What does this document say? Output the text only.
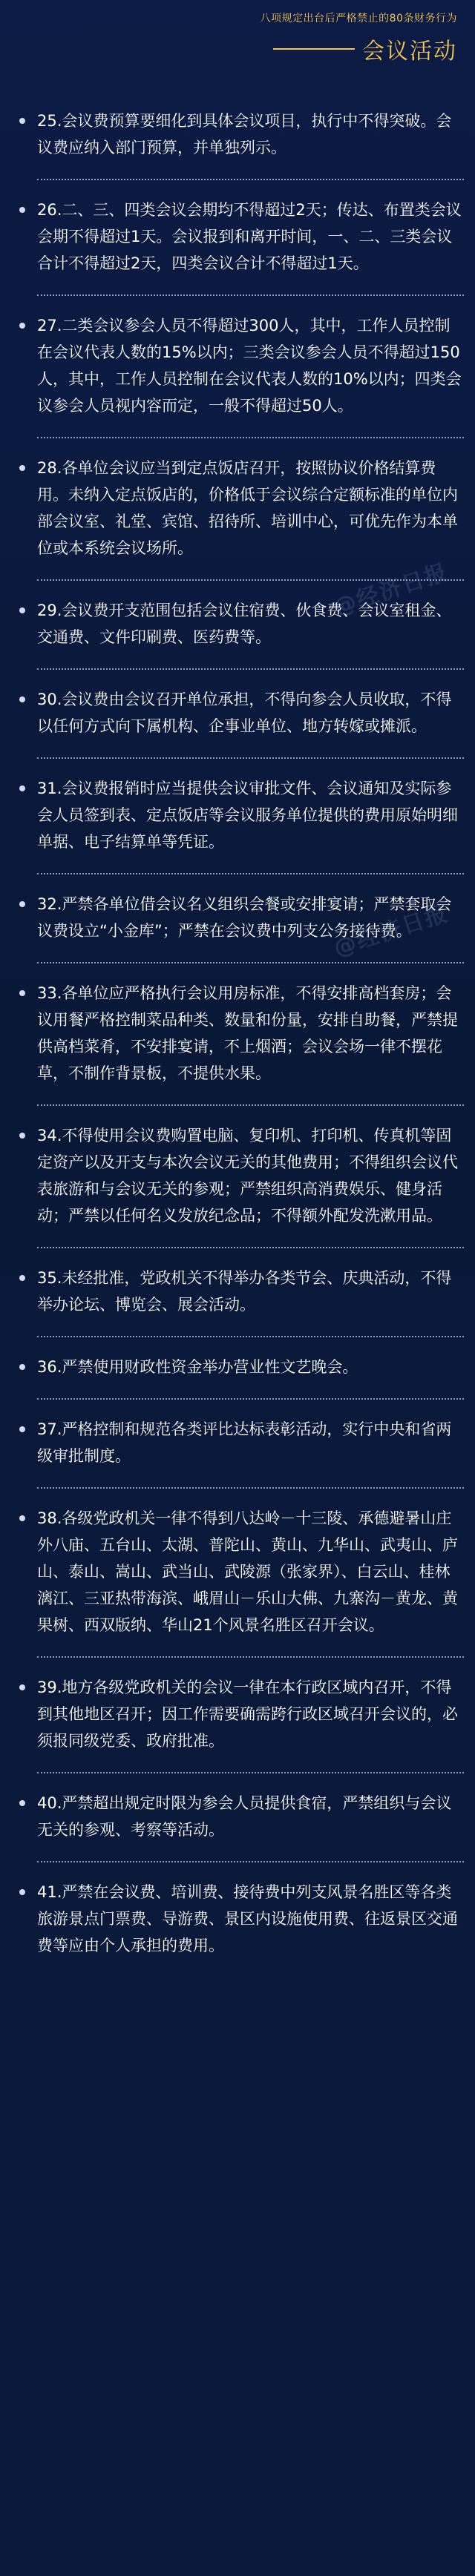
八项规定出台后严格禁止的80条财务行为
会议活动
@经济日报
@经济日报
25.会议费预算要细化到具体会议项目，执行中不得突破。会议费应纳入部门预算，并单独列示。
26.二、三、四类会议会期均不得超过2天；传达、布置类会议会期不得超过1天。会议报到和离开时间，一、二、三类会议合计不得超过2天，四类会议合计不得超过1天。
27.二类会议参会人员不得超过300人，其中，工作人员控制在会议代表人数的15%以内；三类会议参会人员不得超过150人，其中，工作人员控制在会议代表人数的10%以内；四类会议参会人员视内容而定，一般不得超过50人。
28.各单位会议应当到定点饭店召开，按照协议价格结算费用。未纳入定点饭店的，价格低于会议综合定额标准的单位内部会议室、礼堂、宾馆、招待所、培训中心，可优先作为本单位或本系统会议场所。
29.会议费开支范围包括会议住宿费、伙食费、会议室租金、交通费、文件印刷费、医药费等。
30.会议费由会议召开单位承担，不得向参会人员收取，不得以任何方式向下属机构、企事业单位、地方转嫁或摊派。
31.会议费报销时应当提供会议审批文件、会议通知及实际参会人员签到表、定点饭店等会议服务单位提供的费用原始明细单据、电子结算单等凭证。
32.严禁各单位借会议名义组织会餐或安排宴请；严禁套取会议费设立“小金库”；严禁在会议费中列支公务接待费。
33.各单位应严格执行会议用房标准，不得安排高档套房；会议用餐严格控制菜品种类、数量和份量，安排自助餐，严禁提供高档菜肴，不安排宴请，不上烟酒；会议会场一律不摆花草，不制作背景板，不提供水果。
34.不得使用会议费购置电脑、复印机、打印机、传真机等固定资产以及开支与本次会议无关的其他费用；不得组织会议代表旅游和与会议无关的参观；严禁组织高消费娱乐、健身活动；严禁以任何名义发放纪念品；不得额外配发洗漱用品。
35.未经批准，党政机关不得举办各类节会、庆典活动，不得举办论坛、博览会、展会活动。
36.严禁使用财政性资金举办营业性文艺晚会。
37.严格控制和规范各类评比达标表彰活动，实行中央和省两级审批制度。
38.各级党政机关一律不得到八达岭－十三陵、承德避暑山庄外八庙、五台山、太湖、普陀山、黄山、九华山、武夷山、庐山、泰山、嵩山、武当山、武陵源（张家界）、白云山、桂林漓江、三亚热带海滨、峨眉山－乐山大佛、九寨沟－黄龙、黄果树、西双版纳、华山21个风景名胜区召开会议。
39.地方各级党政机关的会议一律在本行政区域内召开，不得到其他地区召开；因工作需要确需跨行政区域召开会议的，必须报同级党委、政府批准。
40.严禁超出规定时限为参会人员提供食宿，严禁组织与会议无关的参观、考察等活动。
41.严禁在会议费、培训费、接待费中列支风景名胜区等各类旅游景点门票费、导游费、景区内设施使用费、往返景区交通费等应由个人承担的费用。
